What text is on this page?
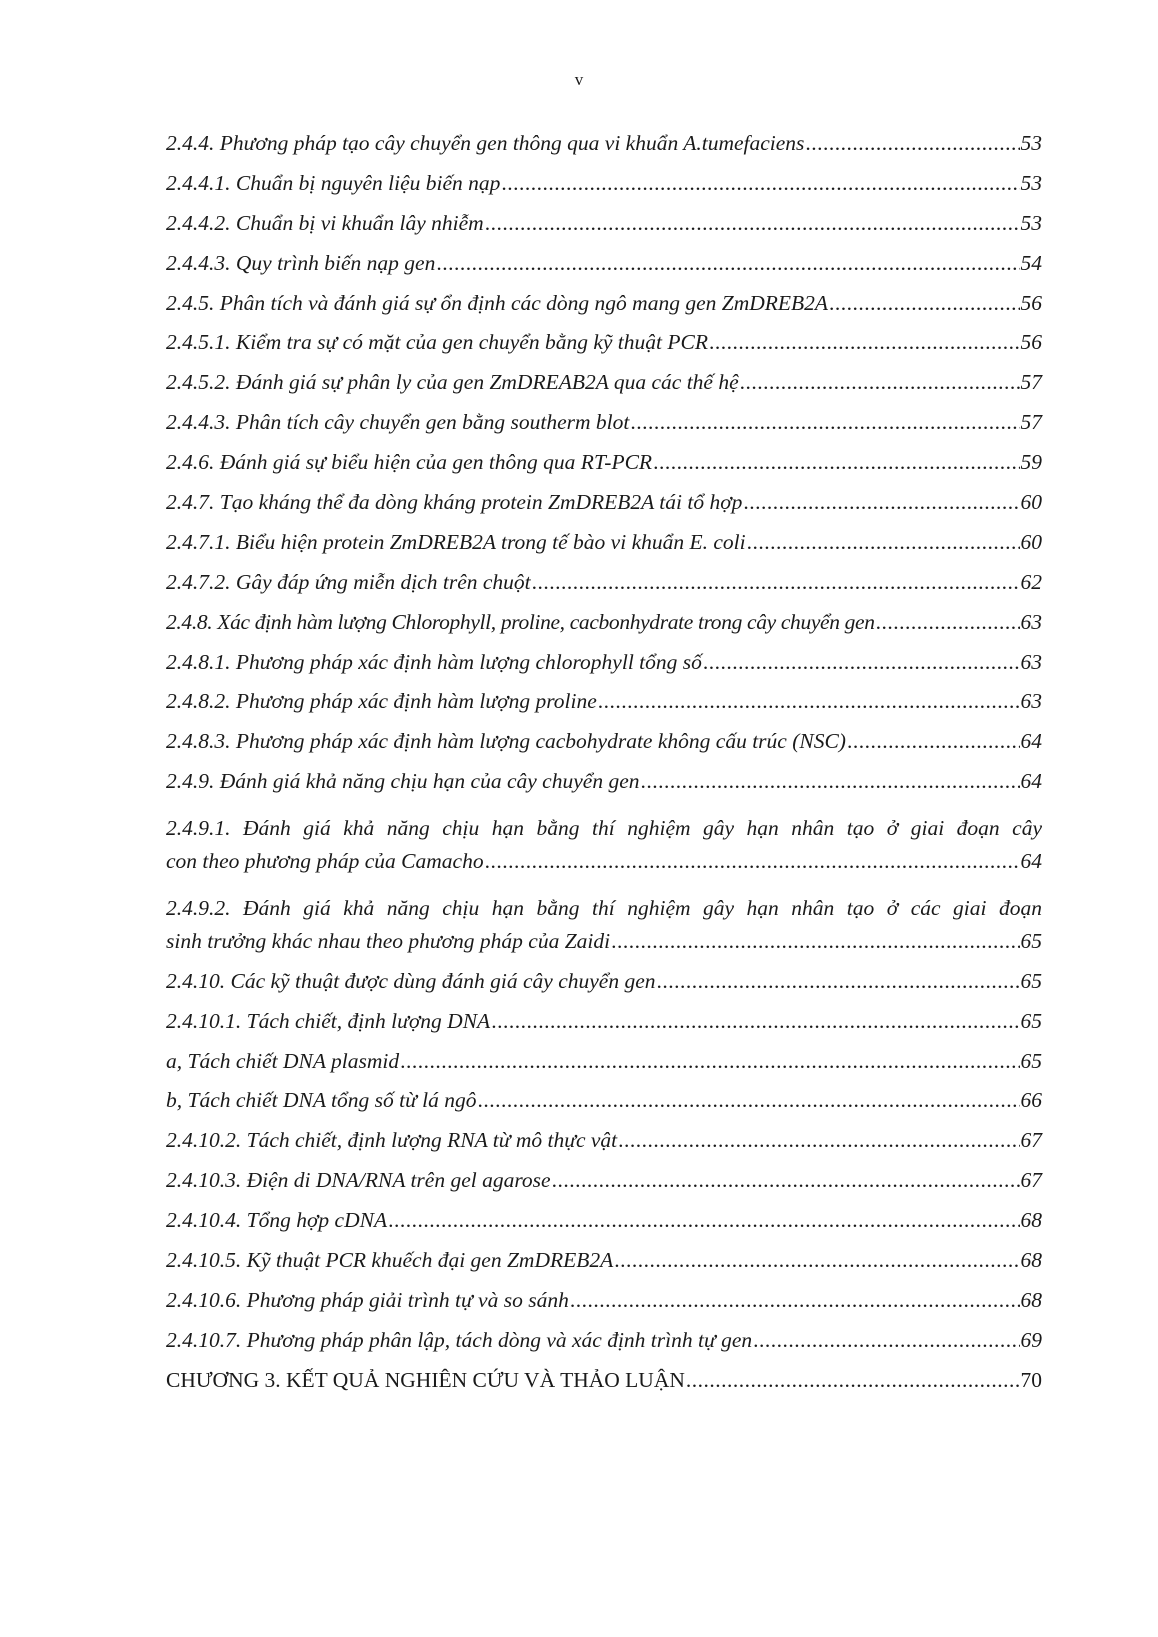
v
2.4.4. Phương pháp tạo cây chuyển gen thông qua vi khuẩn A.tumefaciens .....	53
2.4.4.1. Chuẩn bị nguyên liệu biến nạp .....	53
2.4.4.2. Chuẩn bị vi khuẩn lây nhiễm .....	53
2.4.4.3. Quy trình biến nạp gen .....	54
2.4.5. Phân tích và đánh giá sự ổn định các dòng ngô mang gen ZmDREB2A .....	56
2.4.5.1. Kiểm tra sự có mặt của gen chuyển bằng kỹ thuật PCR .....	56
2.4.5.2. Đánh giá sự phân ly của gen ZmDREAB2A qua các thế hệ .....	57
2.4.4.3. Phân tích cây chuyển gen bằng southerm blot .....	57
2.4.6. Đánh giá sự biểu hiện của gen thông qua RT-PCR .....	59
2.4.7. Tạo kháng thể đa dòng kháng protein ZmDREB2A tái tổ hợp .....	60
2.4.7.1. Biểu hiện protein ZmDREB2A trong tế bào vi khuẩn E. coli .....	60
2.4.7.2. Gây đáp ứng miễn dịch trên chuột .....	62
2.4.8. Xác định hàm lượng Chlorophyll, proline, cacbonhydrate trong cây chuyển gen .....	63
2.4.8.1. Phương pháp xác định hàm lượng chlorophyll tổng số .....	63
2.4.8.2. Phương pháp xác định hàm lượng proline .....	63
2.4.8.3. Phương pháp xác định hàm lượng cacbohydrate không cấu trúc (NSC) .....	64
2.4.9. Đánh giá khả năng chịu hạn của cây chuyển gen .....	64
2.4.9.1. Đánh giá khả năng chịu hạn bằng thí nghiệm gây hạn nhân tạo ở giai đoạn cây
con theo phương pháp của Camacho .....	64
2.4.9.2. Đánh giá khả năng chịu hạn bằng thí nghiệm gây hạn nhân tạo ở các giai đoạn
sinh trưởng khác nhau theo phương pháp của Zaidi .....	65
2.4.10. Các kỹ thuật được dùng đánh giá cây chuyển gen .....	65
2.4.10.1. Tách chiết, định lượng DNA .....	65
a, Tách chiết DNA plasmid .....	65
b, Tách chiết DNA tổng số từ lá ngô .....	66
2.4.10.2. Tách chiết, định lượng RNA từ mô thực vật .....	67
2.4.10.3. Điện di DNA/RNA trên gel agarose .....	67
2.4.10.4. Tổng hợp cDNA .....	68
2.4.10.5. Kỹ thuật PCR khuếch đại gen ZmDREB2A .....	68
2.4.10.6. Phương pháp giải trình tự và so sánh .....	68
2.4.10.7. Phương pháp phân lập, tách dòng và xác định trình tự gen .....	69
CHƯƠNG 3. KẾT QUẢ NGHIÊN CỨU VÀ THẢO LUẬN .....	70
